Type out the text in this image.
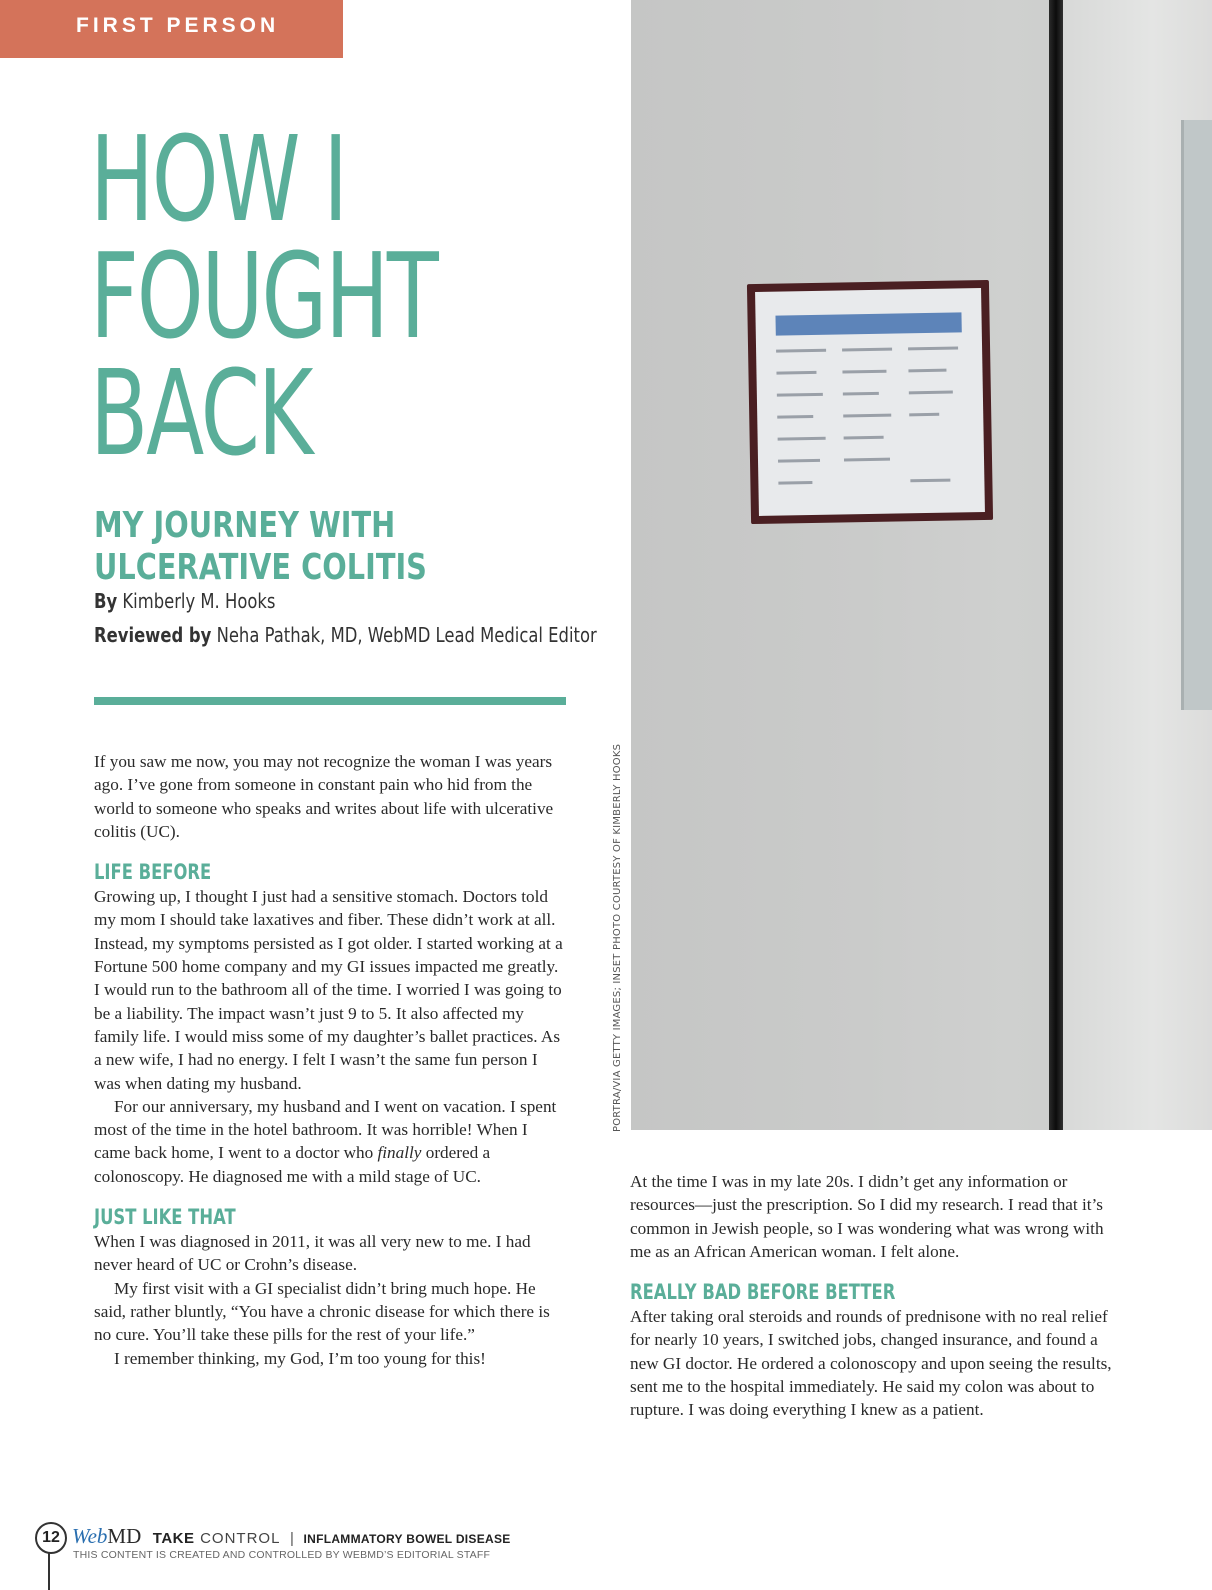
FIRST PERSON
HOW I
FOUGHT
BACK
MY JOURNEY WITH
ULCERATIVE COLITIS
By Kimberly M. Hooks
Reviewed by Neha Pathak, MD, WebMD Lead Medical Editor

If you saw me now, you may not recognize the woman I was years ago. I’ve gone from someone in constant pain who hid from the world to someone who speaks and writes about life with ulcerative colitis (UC).

LIFE BEFORE

Growing up, I thought I just had a sensitive stomach. Doctors told my mom I should take laxatives and fiber. These didn’t work at all. Instead, my symptoms persisted as I got older. I started working at a Fortune 500 home company and my GI issues impacted me greatly. I would run to the bathroom all of the time. I worried I was going to be a liability. The impact wasn’t just 9 to 5. It also affected my family life. I would miss some of my daughter’s ballet practices. As a new wife, I had no energy. I felt I wasn’t the same fun person I was when dating my husband.

For our anniversary, my husband and I went on vacation. I spent most of the time in the hotel bathroom. It was horrible! When I came back home, I went to a doctor who finally ordered a colonoscopy. He diagnosed me with a mild stage of UC.

JUST LIKE THAT

When I was diagnosed in 2011, it was all very new to me. I had never heard of UC or Crohn’s disease.

My first visit with a GI specialist didn’t bring much hope. He said, rather bluntly, “You have a chronic disease for which there is no cure. You’ll take these pills for the rest of your life.”

I remember thinking, my God, I’m too young for this!

PORTRA/VIA GETTY IMAGES; INSET PHOTO COURTESY OF KIMBERLY HOOKS

At the time I was in my late 20s. I didn’t get any information or resources—just the prescription. So I did my research. I read that it’s common in Jewish people, so I was wondering what was wrong with me as an African American woman. I felt alone.

REALLY BAD BEFORE BETTER

After taking oral steroids and rounds of prednisone with no real relief for nearly 10 years, I switched jobs, changed insurance, and found a new GI doctor. He ordered a colonoscopy and upon seeing the results, sent me to the hospital immediately. He said my colon was about to rupture. I was doing everything I knew as a patient.

12 WebMD TAKE CONTROL | INFLAMMATORY BOWEL DISEASE
THIS CONTENT IS CREATED AND CONTROLLED BY WEBMD’S EDITORIAL STAFF
